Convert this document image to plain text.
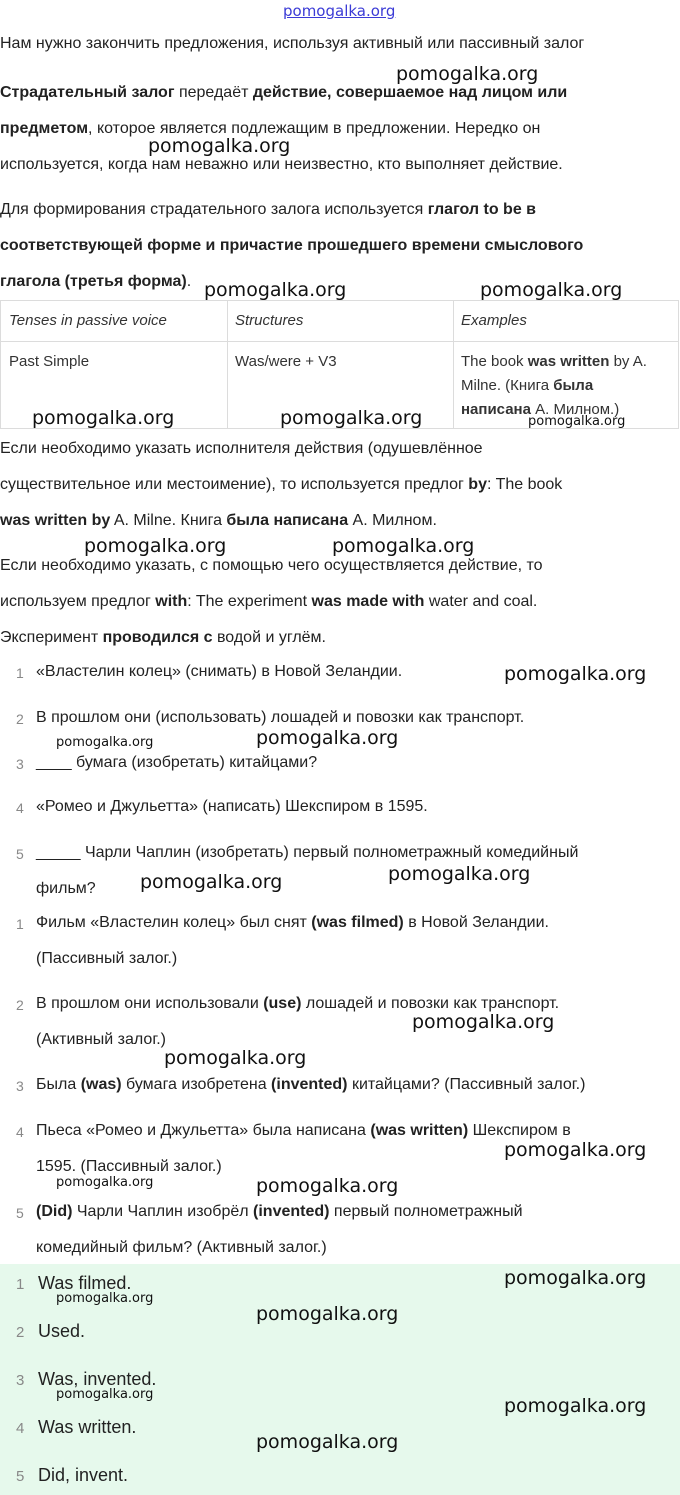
pomogalka.org
Нам нужно закончить предложения, используя активный или пассивный залог
Страдательный залог передаёт действие, совершаемое над лицом или
предметом, которое является подлежащим в предложении. Нередко он
используется, когда нам неважно или неизвестно, кто выполняет действие.
Для формирования страдательного залога используется глагол to be в
соответствующей форме и причастие прошедшего времени смыслового
глагола (третья форма).
Tenses in passive voice	Structures	Examples
Past Simple	Was/were + V3	The book was written by A.
Milne. (Книга была
написана А. Милном.)
Если необходимо указать исполнителя действия (одушевлённое
существительное или местоимение), то используется предлог by: The book
was written by A. Milne. Книга была написана А. Милном.
Если необходимо указать, с помощью чего осуществляется действие, то
используем предлог with: The experiment was made with water and coal.
Эксперимент проводился с водой и углём.
1 «Властелин колец» (снимать) в Новой Зеландии.
2 В прошлом они (использовать) лошадей и повозки как транспорт.
3 ____ бумага (изобретать) китайцами?
4 «Ромео и Джульетта» (написать) Шекспиром в 1595.
5 _____ Чарли Чаплин (изобретать) первый полнометражный комедийный
фильм?
1 Фильм «Властелин колец» был снят (was filmed) в Новой Зеландии.
(Пассивный залог.)
2 В прошлом они использовали (use) лошадей и повозки как транспорт.
(Активный залог.)
3 Была (was) бумага изобретена (invented) китайцами? (Пассивный залог.)
4 Пьеса «Ромео и Джульетта» была написана (was written) Шекспиром в
1595. (Пассивный залог.)
5 (Did) Чарли Чаплин изобрёл (invented) первый полнометражный
комедийный фильм? (Активный залог.)
1 Was filmed.
2 Used.
3 Was, invented.
4 Was written.
5 Did, invent.
pomogalka.org
pomogalka.org
pomogalka.org	pomogalka.org
pomogalka.org	pomogalka.org	pomogalka.org
pomogalka.org	pomogalka.org
pomogalka.org
pomogalka.org	pomogalka.org
pomogalka.org	pomogalka.org
pomogalka.org
pomogalka.org
pomogalka.org
pomogalka.org	pomogalka.org
pomogalka.org
pomogalka.org
pomogalka.org
pomogalka.org
pomogalka.org
pomogalka.org
